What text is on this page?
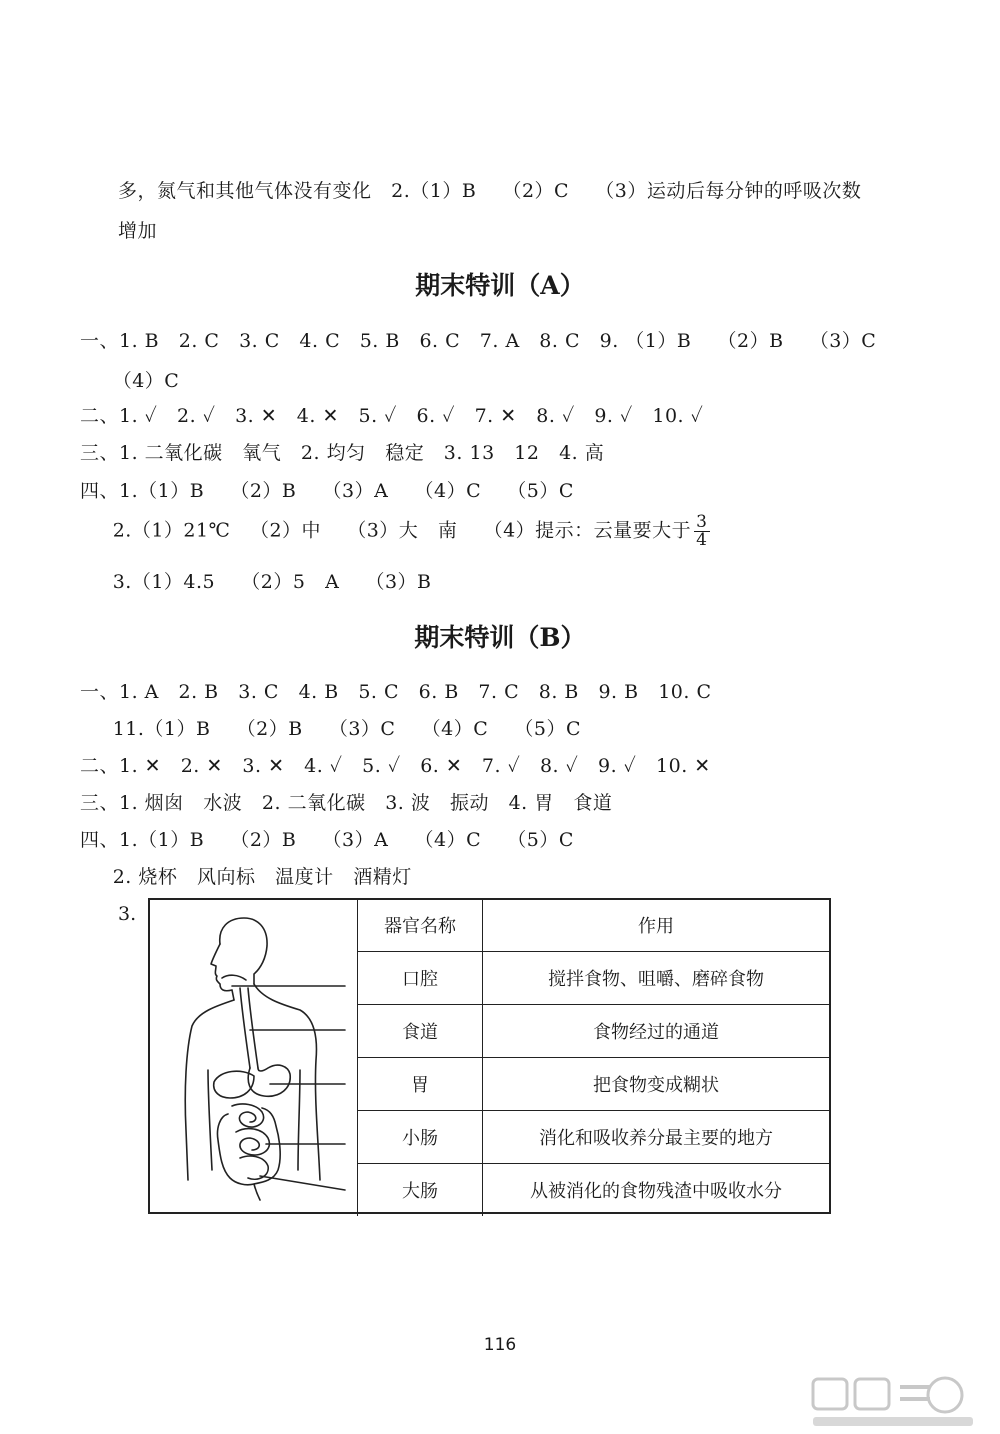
多，氮气和其他气体没有变化   2.（1）B    （2）C    （3）运动后每分钟的呼吸次数
增加
期末特训（A）
一、1. B   2. C   3. C   4. C   5. B   6. C   7. A   8. C   9. （1）B    （2）B    （3）C
（4）C
二、1. ✓   2. ✓   3. ✕   4. ✕   5. ✓   6. ✓   7. ✕   8. ✓   9. ✓   10. ✓
三、1. 二氧化碳   氧气   2. 均匀   稳定   3. 13   12   4. 高
四、1.（1）B    （2）B    （3）A    （4）C    （5）C
2.（1）21℃   （2）中    （3）大   南    （4）提示：云量要大于 $\frac{3}{4}$
3.（1）4.5    （2）5   A    （3）B
期末特训（B）
一、1. A   2. B   3. C   4. B   5. C   6. B   7. C   8. B   9. B   10. C
11.（1）B    （2）B    （3）C    （4）C    （5）C
二、1. ✕   2. ✕   3. ✕   4. ✓   5. ✓   6. ✕   7. ✓   8. ✓   9. ✓   10. ✕
三、1. 烟囱   水波   2. 二氧化碳   3. 波   振动   4. 胃   食道
四、1.（1）B    （2）B    （3）A    （4）C    （5）C
2. 烧杯   风向标   温度计   酒精灯
3.
器官名称	作用
口腔	搅拌食物、咀嚼、磨碎食物
食道	食物经过的通道
胃	把食物变成糊状
小肠	消化和吸收养分最主要的地方
大肠	从被消化的食物残渣中吸收水分
116
